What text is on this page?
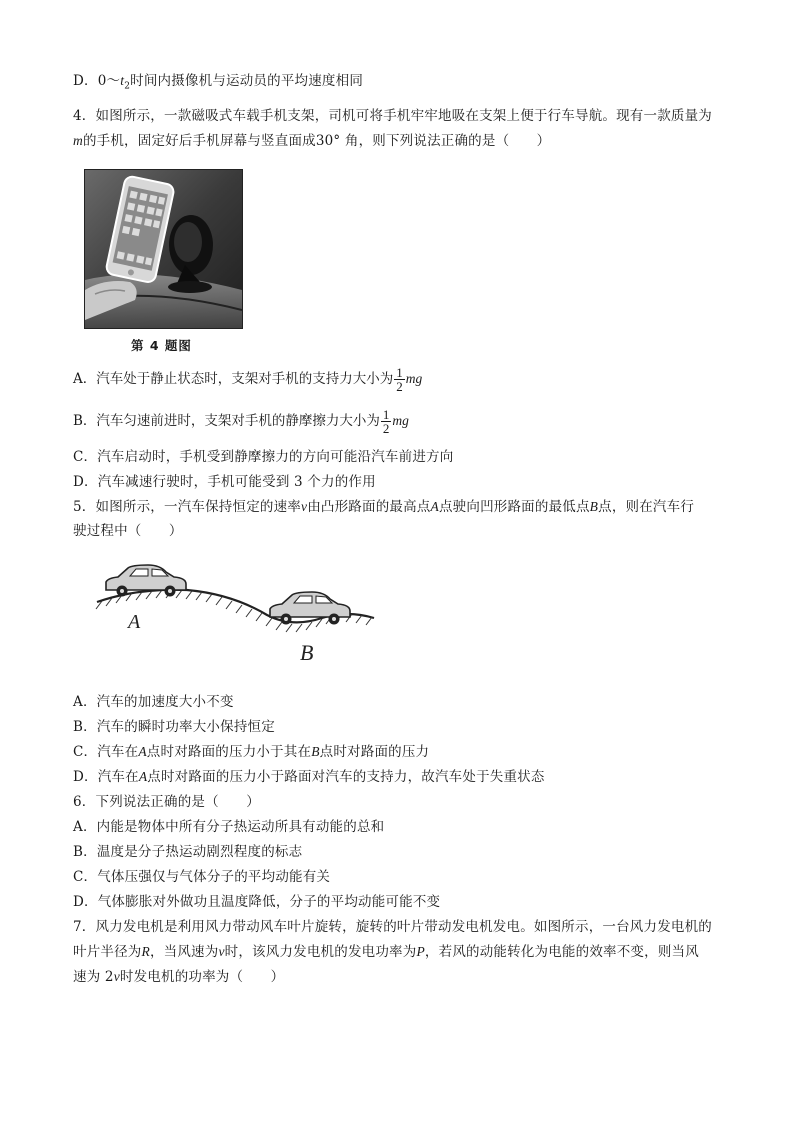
D．$0\sim t_2$时间内摄像机与运动员的平均速度相同
4．如图所示，一款磁吸式车载手机支架，司机可将手机牢牢地吸在支架上便于行车导航。现有一款质量为
m的手机，固定好后手机屏幕与竖直面成30° 角，则下列说法正确的是（　　）
第 4 题图
A．汽车处于静止状态时，支架对手机的支持力大小为 $\frac{1}{2}$ mg
B．汽车匀速前进时，支架对手机的静摩擦力大小为 $\frac{1}{2}$ mg
C．汽车启动时，手机受到静摩擦力的方向可能沿汽车前进方向
D．汽车减速行驶时，手机可能受到 3 个力的作用
5．如图所示，一汽车保持恒定的速率v由凸形路面的最高点A点驶向凹形路面的最低点B点，则在汽车行
驶过程中（　　）
A
B
A．汽车的加速度大小不变
B．汽车的瞬时功率大小保持恒定
C．汽车在A点时对路面的压力小于其在B点时对路面的压力
D．汽车在A点时对路面的压力小于路面对汽车的支持力，故汽车处于失重状态
6．下列说法正确的是（　　）
A．内能是物体中所有分子热运动所具有动能的总和
B．温度是分子热运动剧烈程度的标志
C．气体压强仅与气体分子的平均动能有关
D．气体膨胀对外做功且温度降低，分子的平均动能可能不变
7．风力发电机是利用风力带动风车叶片旋转，旋转的叶片带动发电机发电。如图所示，一台风力发电机的
叶片半径为R，当风速为v时，该风力发电机的发电功率为P，若风的动能转化为电能的效率不变，则当风
速为 2v时发电机的功率为（　　）
